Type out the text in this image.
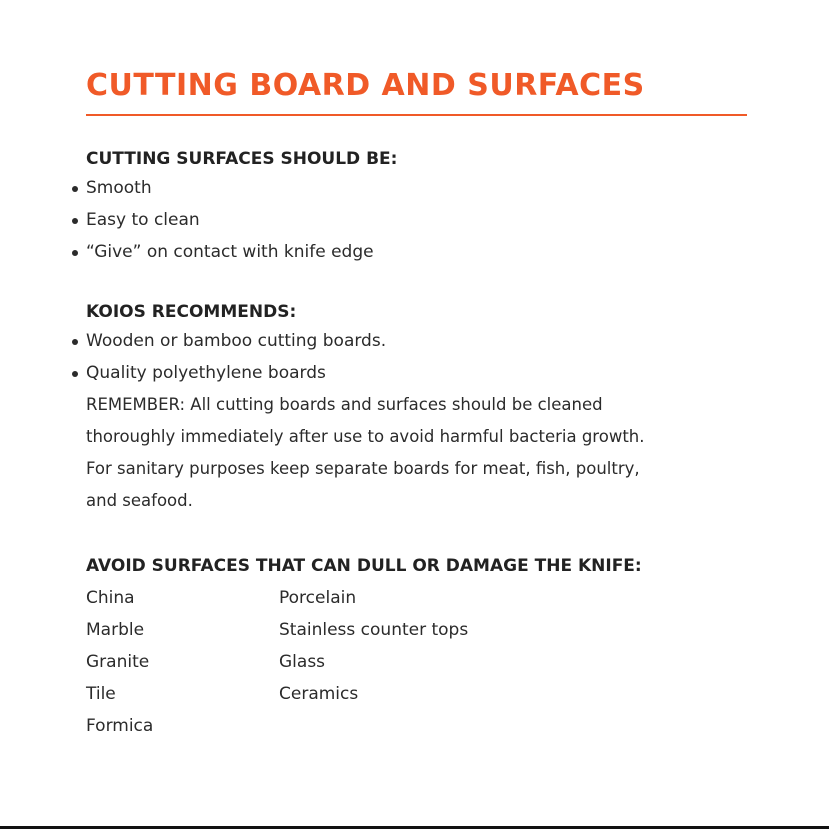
CUTTING BOARD AND SURFACES
CUTTING SURFACES SHOULD BE:

Smooth

Easy to clean

“Give” on contact with knife edge

KOIOS RECOMMENDS:

Wooden or bamboo cutting boards.

Quality polyethylene boards

REMEMBER: All cutting boards and surfaces should be cleaned

thoroughly immediately after use to avoid harmful bacteria growth.

For sanitary purposes keep separate boards for meat, fish, poultry,

and seafood.

AVOID SURFACES THAT CAN DULL OR DAMAGE THE KNIFE:

China	Porcelain

Marble	Stainless counter tops

Granite	Glass

Tile	Ceramics

Formica
